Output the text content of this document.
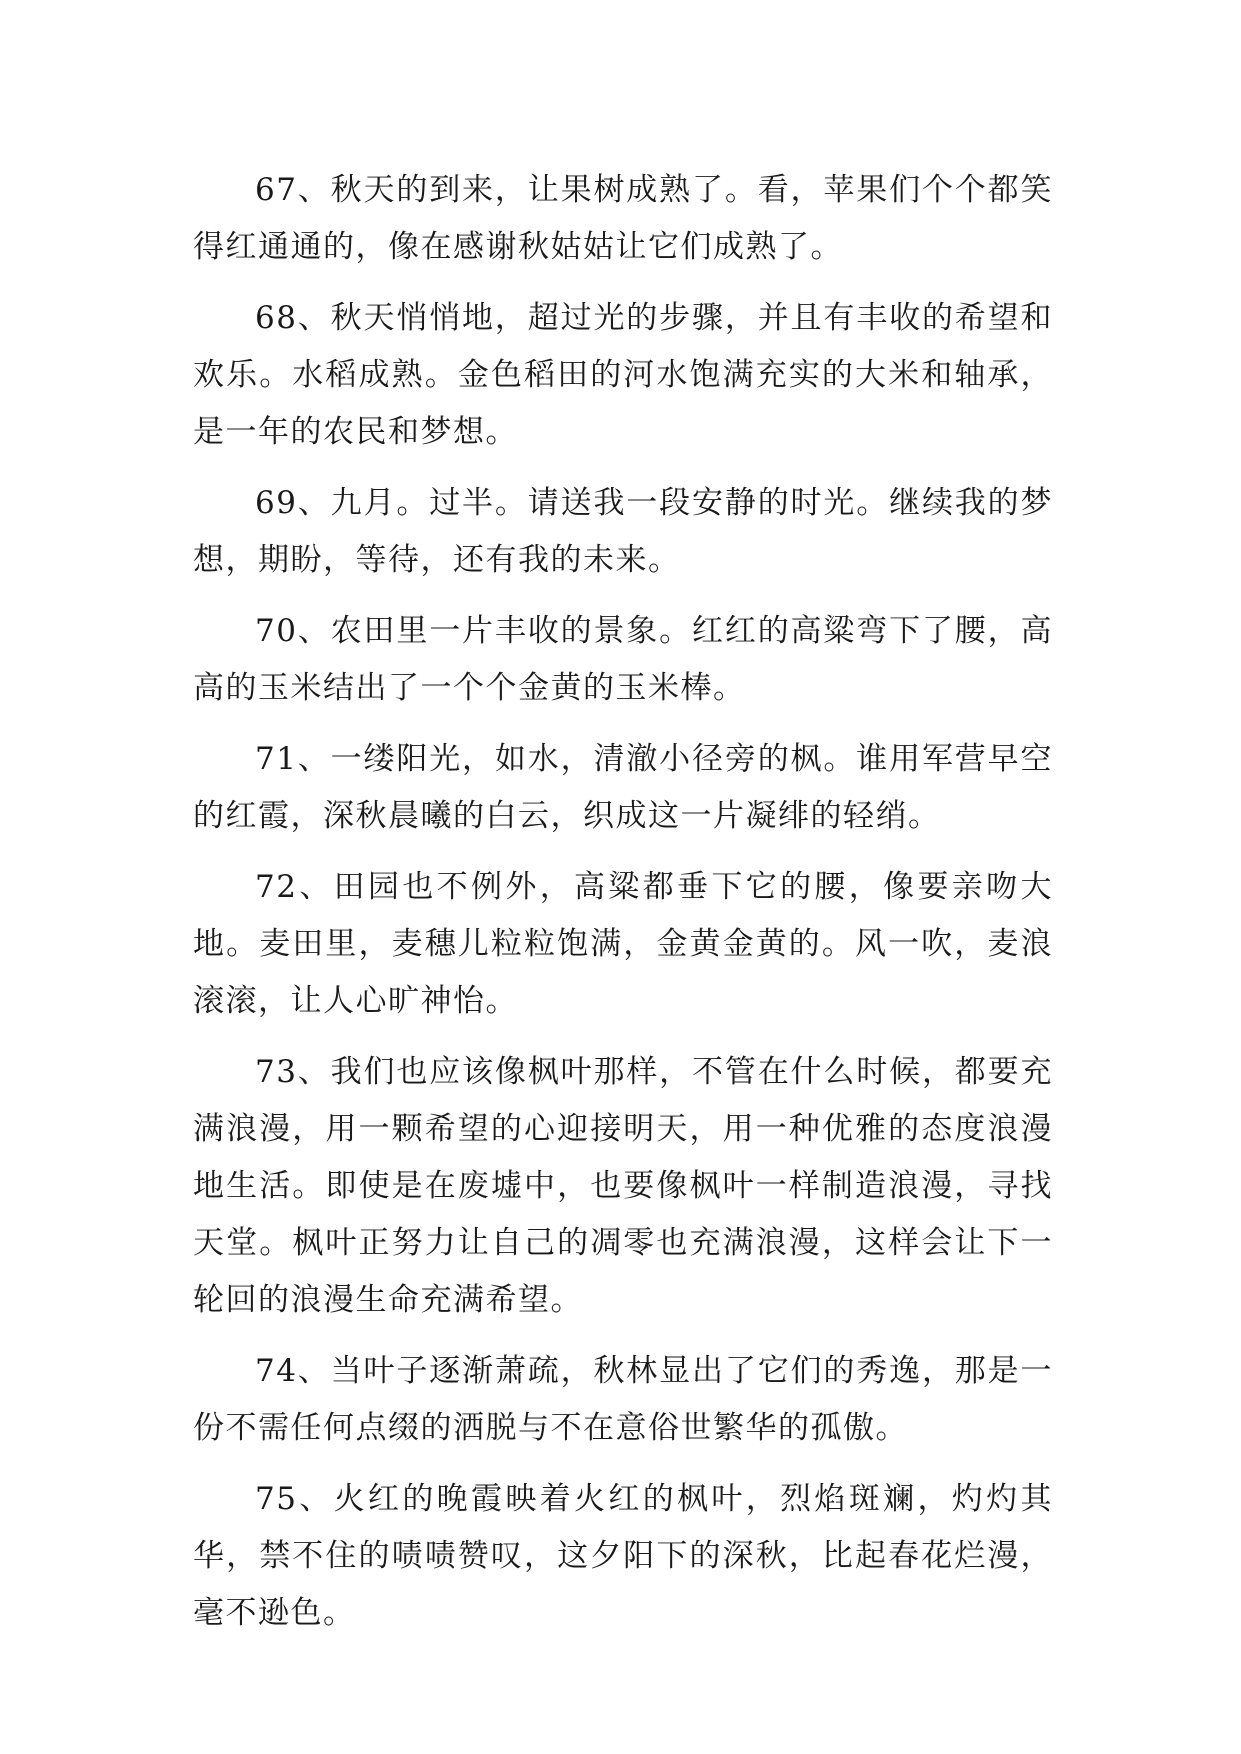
67、秋天的到来，让果树成熟了。看，苹果们个个都笑得红通通的，像在感谢秋姑姑让它们成熟了。

68、秋天悄悄地，超过光的步骤，并且有丰收的希望和欢乐。水稻成熟。金色稻田的河水饱满充实的大米和轴承，是一年的农民和梦想。

69、九月。过半。请送我一段安静的时光。继续我的梦想，期盼，等待，还有我的未来。

70、农田里一片丰收的景象。红红的高粱弯下了腰，高高的玉米结出了一个个金黄的玉米棒。

71、一缕阳光，如水，清澈小径旁的枫。谁用军营早空的红霞，深秋晨曦的白云，织成这一片凝绯的轻绡。

72、田园也不例外，高粱都垂下它的腰，像要亲吻大地。麦田里，麦穗儿粒粒饱满，金黄金黄的。风一吹，麦浪滚滚，让人心旷神怡。

73、我们也应该像枫叶那样，不管在什么时候，都要充满浪漫，用一颗希望的心迎接明天，用一种优雅的态度浪漫地生活。即使是在废墟中，也要像枫叶一样制造浪漫，寻找天堂。枫叶正努力让自己的凋零也充满浪漫，这样会让下一轮回的浪漫生命充满希望。

74、当叶子逐渐萧疏，秋林显出了它们的秀逸，那是一份不需任何点缀的洒脱与不在意俗世繁华的孤傲。

75、火红的晚霞映着火红的枫叶，烈焰斑斓，灼灼其华，禁不住的啧啧赞叹，这夕阳下的深秋，比起春花烂漫，毫不逊色。
